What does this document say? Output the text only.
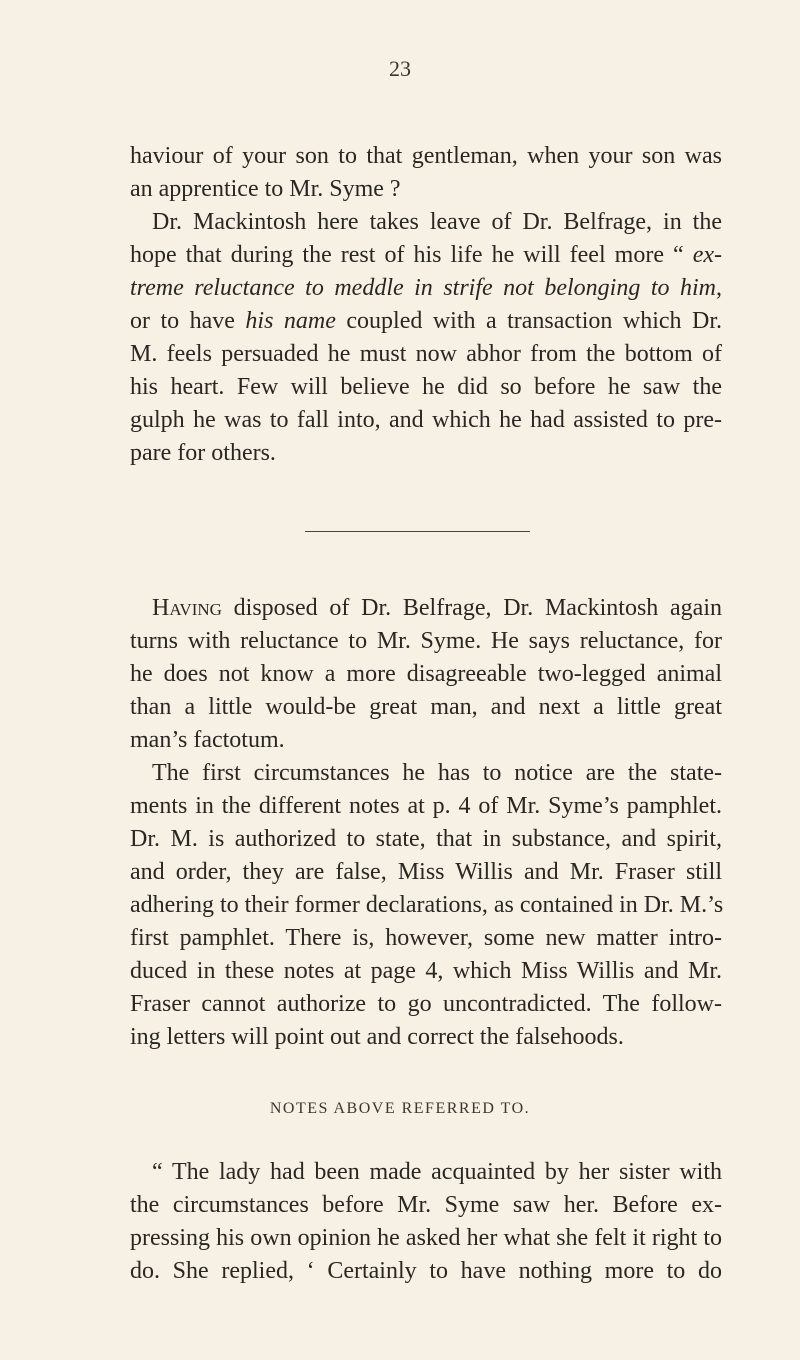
23
haviour of your son to that gentleman, when your son was
an apprentice to Mr. Syme ?
Dr. Mackintosh here takes leave of Dr. Belfrage, in the
hope that during the rest of his life he will feel more “ ex-
treme reluctance to meddle in strife not belonging to him,
or to have his name coupled with a transaction which Dr.
M. feels persuaded he must now abhor from the bottom of
his heart. Few will believe he did so before he saw the
gulph he was to fall into, and which he had assisted to pre-
pare for others.
Having disposed of Dr. Belfrage, Dr. Mackintosh again
turns with reluctance to Mr. Syme. He says reluctance, for
he does not know a more disagreeable two-legged animal
than a little would-be great man, and next a little great
man’s factotum.
The first circumstances he has to notice are the state-
ments in the different notes at p. 4 of Mr. Syme’s pamphlet.
Dr. M. is authorized to state, that in substance, and spirit,
and order, they are false, Miss Willis and Mr. Fraser still
adhering to their former declarations, as contained in Dr. M.’s
first pamphlet. There is, however, some new matter intro-
duced in these notes at page 4, which Miss Willis and Mr.
Fraser cannot authorize to go uncontradicted. The follow-
ing letters will point out and correct the falsehoods.
NOTES ABOVE REFERRED TO.
“ The lady had been made acquainted by her sister with
the circumstances before Mr. Syme saw her. Before ex-
pressing his own opinion he asked her what she felt it right to
do. She replied, ‘ Certainly to have nothing more to do
